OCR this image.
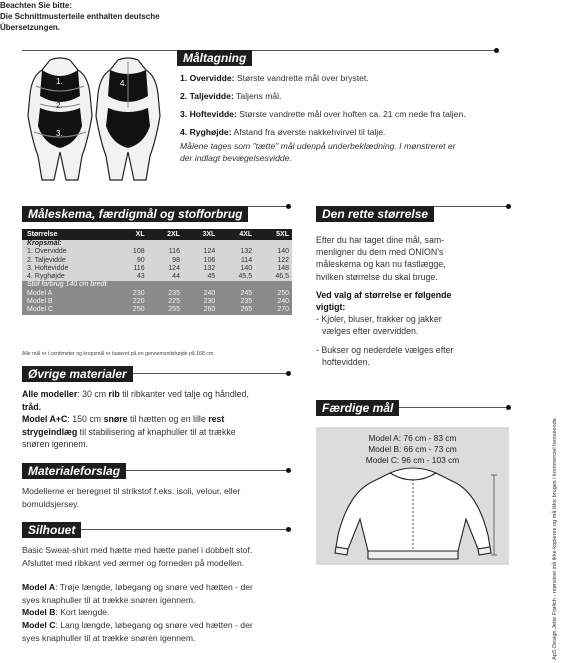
Beachten Sie bitte:
Die Schnittmusterteile enthalten deutsche
Übersetzungen.
Måltagning
1.
2.
3.
4.
1. Overvidde: Største vandrette mål over brystet.
2. Taljevidde: Taljens mål.
3. Hoftevidde: Største vandrette mål over hoften ca. 21 cm nede fra taljen.
4. Ryghøjde: Afstand fra øverste nakkehvirvel til talje.
Målene tages som "tætte" mål udenpå underbeklædning. I mønstreret er
der indlagt bevægelsesvidde.
Måleskema, færdigmål og stofforbrug
Størrelse	XL	2XL	3XL	4XL	5XL
Kropsmål:					
1. Overvidde	108	116	124	132	140
2. Taljevidde	90	98	106	114	122
3. Hoftevidde	116	124	132	140	148
4. Ryghøjde	43	44	45	45,5	46,5
Stof forbrug 140 cm bredt:					
Model A	230	235	240	245	250
Model B	220	225	230	235	240
Model C	250	255	260	265	270
Alle mål er i centimeter og kropsmål er baseret på en gennemsnitshøjde på 168 cm.
Den rette størrelse
Efter du har taget dine mål, sam-
menligner du dem med ONION's
måleskema og kan nu fastlægge,
hvilken størrelse du skal bruge.
Ved valg af størrelse er følgende
vigtigt:
- Kjoler, bluser, frakker og jakker
vælges efter overvidden.
- Bukser og nederdele vælges efter
hoftevidden.
Øvrige materialer
Alle modeller: 30 cm rib til ribkanter ved talje og håndled,
tråd.
Model A+C: 150 cm snøre til hætten og en lille rest
strygeindlæg til stabilisering af knaphuller til at trække
snøren igennem.
Materialeforslag
Modellerne er beregnet til strikstof f.eks. isoli, velour, eller
bomuldsjersey.
Silhouet
Basic Sweat-shirt med hætte med hætte panel i dobbelt stof.
Afsluttet med ribkant ved ærmer og forneden på modellen.
Model A: Trøje længde, løbegang og snøre ved hætten - der
syes knaphuller til at trække snøren igennem.
Model B: Kort længde.
Model C: Lang længde, løbegang og snøre ved hætten - der
syes knaphuller til at trække snøren igennem.
Færdige mål
Model A: 76 cm - 83 cm
Model B: 66 cm - 73 cm
Model C: 96 cm - 103 cm	ApS Design Jette Frølich - mønstret må ikke kopieres og må ikke bruges i kommerciel henseende.
